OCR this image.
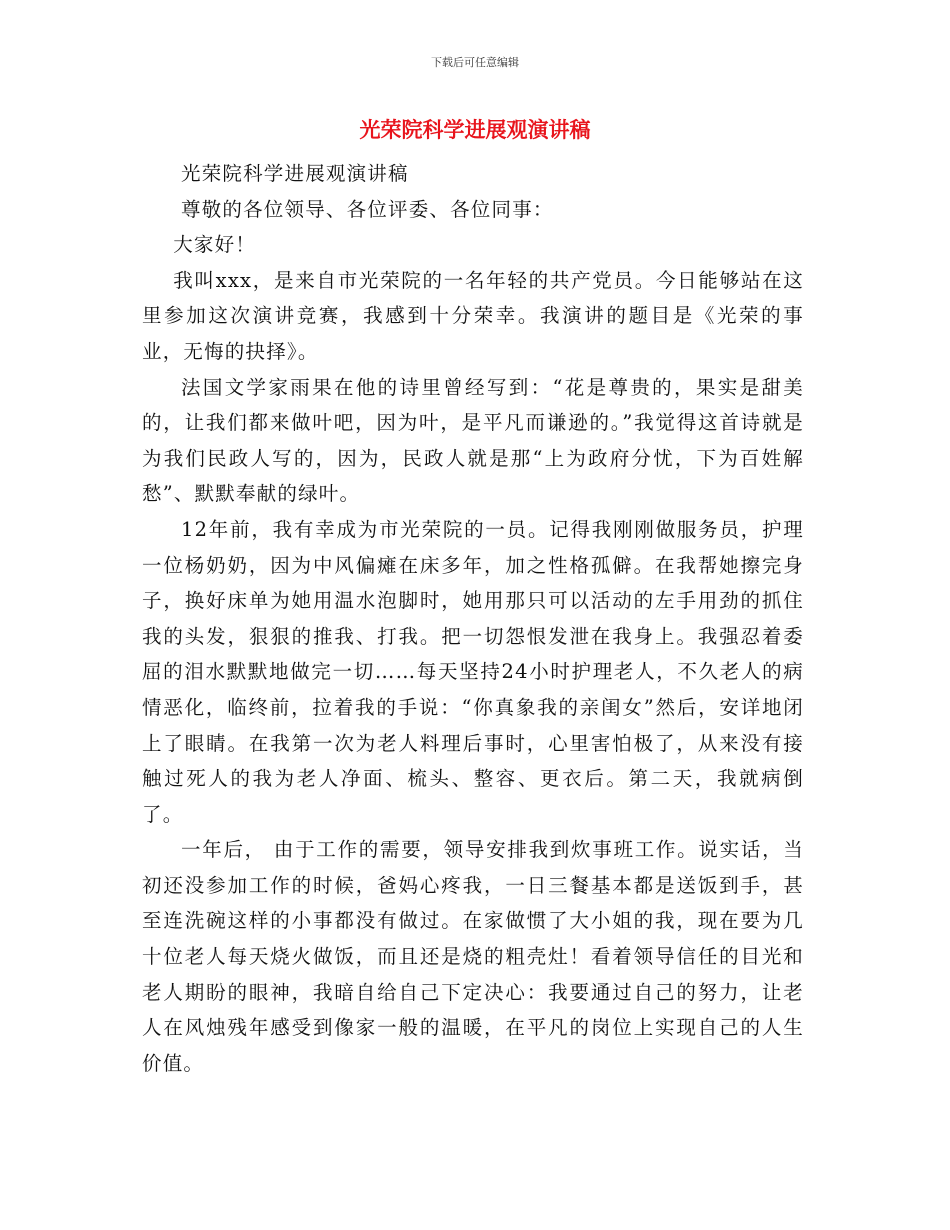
下载后可任意编辑
光荣院科学进展观演讲稿

光荣院科学进展观演讲稿

尊敬的各位领导、各位评委、各位同事：

大家好！

我叫xxx，是来自市光荣院的一名年轻的共产党员。今日能够站在这里参加这次演讲竞赛，我感到十分荣幸。我演讲的题目是《光荣的事业，无悔的抉择》。

法国文学家雨果在他的诗里曾经写到：“花是尊贵的，果实是甜美的，让我们都来做叶吧，因为叶，是平凡而谦逊的。”我觉得这首诗就是为我们民政人写的，因为，民政人就是那“上为政府分忧，下为百姓解愁”、默默奉献的绿叶。

12年前，我有幸成为市光荣院的一员。记得我刚刚做服务员，护理一位杨奶奶，因为中风偏瘫在床多年，加之性格孤僻。在我帮她擦完身子，换好床单为她用温水泡脚时，她用那只可以活动的左手用劲的抓住我的头发，狠狠的推我、打我。把一切怨恨发泄在我身上。我强忍着委屈的泪水默默地做完一切……每天坚持24小时护理老人，不久老人的病情恶化，临终前，拉着我的手说：“你真象我的亲闺女”然后，安详地闭上了眼睛。在我第一次为老人料理后事时，心里害怕极了，从来没有接触过死人的我为老人净面、梳头、整容、更衣后。第二天，我就病倒了。

一年后， 由于工作的需要，领导安排我到炊事班工作。说实话，当初还没参加工作的时候，爸妈心疼我，一日三餐基本都是送饭到手，甚至连洗碗这样的小事都没有做过。在家做惯了大小姐的我，现在要为几十位老人每天烧火做饭，而且还是烧的粗壳灶！看着领导信任的目光和老人期盼的眼神，我暗自给自己下定决心：我要通过自己的努力，让老人在风烛残年感受到像家一般的温暖，在平凡的岗位上实现自己的人生价值。
